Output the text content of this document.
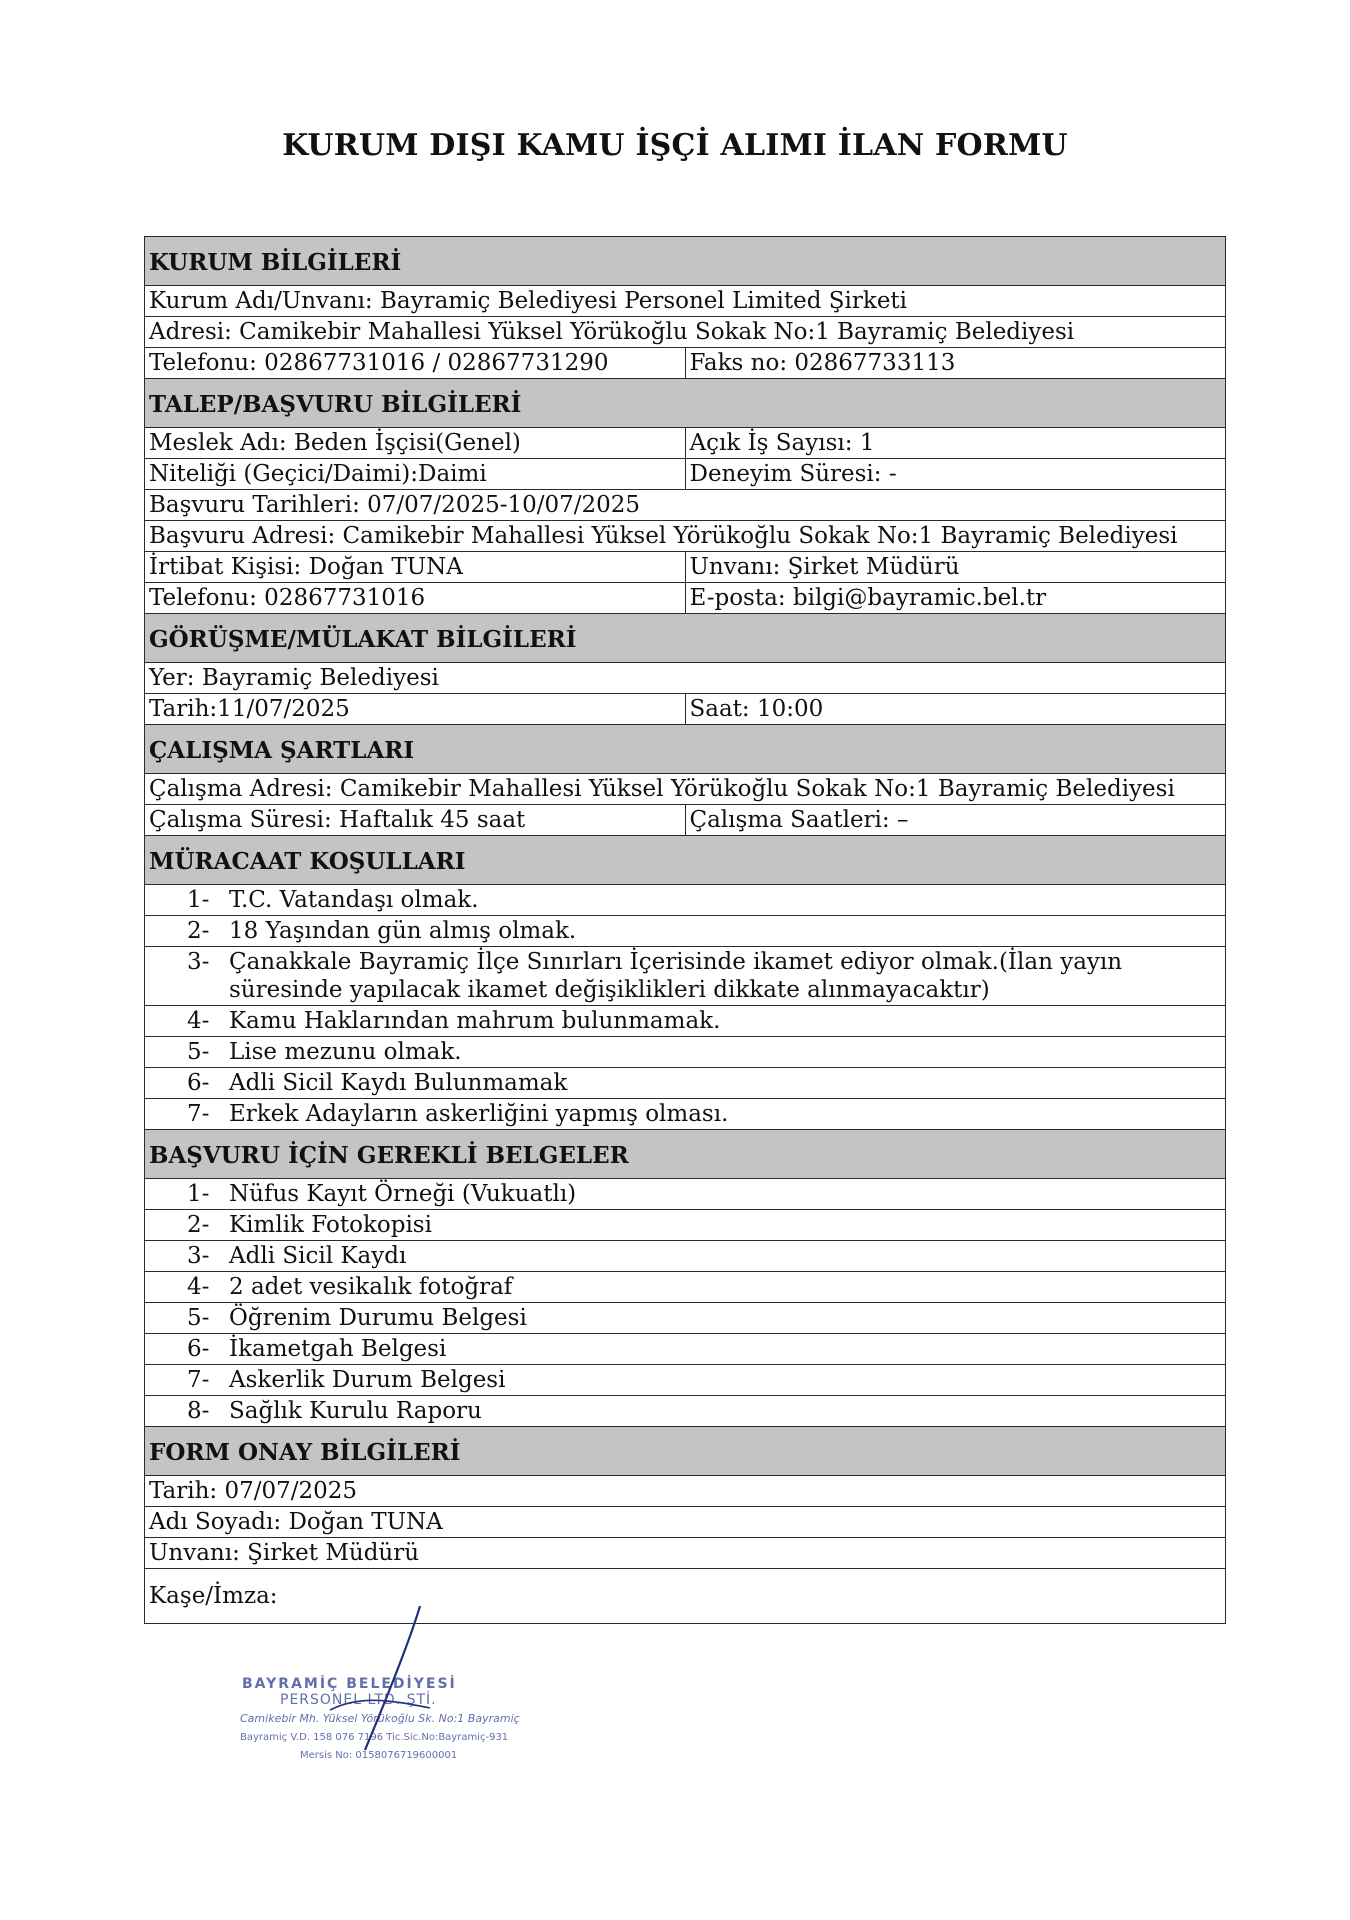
KURUM DIŞI KAMU İŞÇİ ALIMI İLAN FORMU
KURUM BİLGİLERİ	
Kurum Adı/Unvanı: Bayramiç Belediyesi Personel Limited Şirketi	
Adresi: Camikebir Mahallesi Yüksel Yörükoğlu Sokak No:1 Bayramiç Belediyesi	
Telefonu: 02867731016 / 02867731290	Faks no: 02867733113
TALEP/BAŞVURU BİLGİLERİ	
Meslek Adı: Beden İşçisi(Genel)	Açık İş Sayısı: 1
Niteliği (Geçici/Daimi):Daimi	Deneyim Süresi: -
Başvuru Tarihleri: 07/07/2025-10/07/2025	
Başvuru Adresi: Camikebir Mahallesi Yüksel Yörükoğlu Sokak No:1 Bayramiç Belediyesi	
İrtibat Kişisi: Doğan TUNA	Unvanı: Şirket Müdürü
Telefonu: 02867731016	E-posta: bilgi@bayramic.bel.tr
GÖRÜŞME/MÜLAKAT BİLGİLERİ	
Yer: Bayramiç Belediyesi	
Tarih:11/07/2025	Saat: 10:00
ÇALIŞMA ŞARTLARI	
Çalışma Adresi: Camikebir Mahallesi Yüksel Yörükoğlu Sokak No:1 Bayramiç Belediyesi	
Çalışma Süresi: Haftalık 45 saat	Çalışma Saatleri: –
MÜRACAAT KOŞULLARI	
1- T.C. Vatandaşı olmak.	
2- 18 Yaşından gün almış olmak.	

3- Çanakkale Bayramiç İlçe Sınırları İçerisinde ikamet ediyor olmak.(İlan yayın süresinde yapılacak ikamet değişiklikleri dikkate alınmayacaktır)	

4- Kamu Haklarından mahrum bulunmamak.	
5- Lise mezunu olmak.	
6- Adli Sicil Kaydı Bulunmamak	
7- Erkek Adayların askerliğini yapmış olması.	
BAŞVURU İÇİN GEREKLİ BELGELER	
1- Nüfus Kayıt Örneği (Vukuatlı)	
2- Kimlik Fotokopisi	
3- Adli Sicil Kaydı	
4- 2 adet vesikalık fotoğraf	
5- Öğrenim Durumu Belgesi	
6- İkametgah Belgesi	
7- Askerlik Durum Belgesi	
8- Sağlık Kurulu Raporu	
FORM ONAY BİLGİLERİ	
Tarih: 07/07/2025	
Adı Soyadı: Doğan TUNA	
Unvanı: Şirket Müdürü	
Kaşe/İmza:	
BAYRAMİÇ BELEDİYESİ
PERSONEL LTD. ŞTİ.
Camikebir Mh. Yüksel Yörükoğlu Sk. No:1 Bayramiç
Bayramiç V.D. 158 076 7196 Tic.Sic.No:Bayramiç-931
Mersis No: 0158076719600001
